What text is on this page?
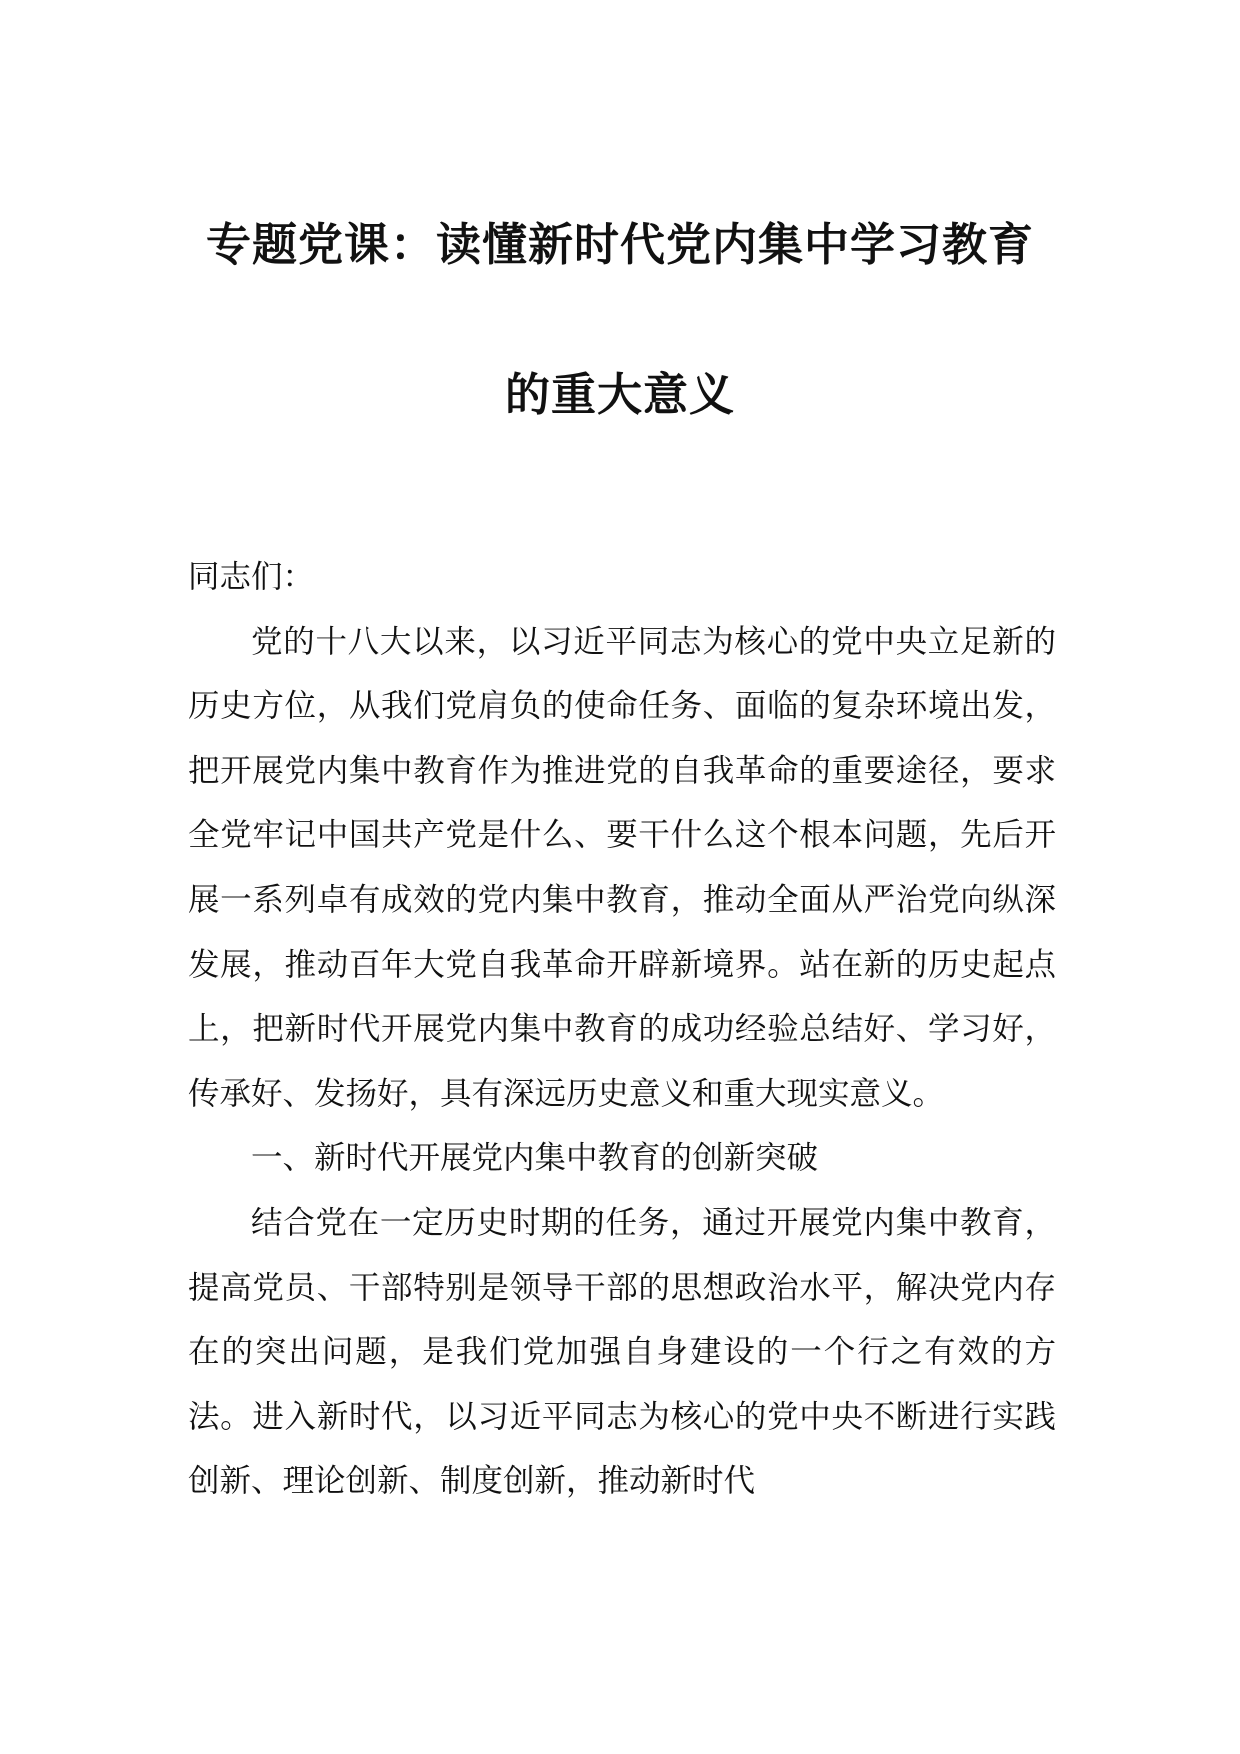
专题党课：读懂新时代党内集中学习教育
的重大意义

同志们：

党的十八大以来，以习近平同志为核心的党中央立足新的历史方位，从我们党肩负的使命任务、面临的复杂环境出发，把开展党内集中教育作为推进党的自我革命的重要途径，要求全党牢记中国共产党是什么、要干什么这个根本问题，先后开展一系列卓有成效的党内集中教育，推动全面从严治党向纵深发展，推动百年大党自我革命开辟新境界。站在新的历史起点上，把新时代开展党内集中教育的成功经验总结好、学习好，传承好、发扬好，具有深远历史意义和重大现实意义。

一、新时代开展党内集中教育的创新突破

结合党在一定历史时期的任务，通过开展党内集中教育，提高党员、干部特别是领导干部的思想政治水平，解决党内存在的突出问题，是我们党加强自身建设的一个行之有效的方法。进入新时代，以习近平同志为核心的党中央不断进行实践创新、理论创新、制度创新，推动新时代
